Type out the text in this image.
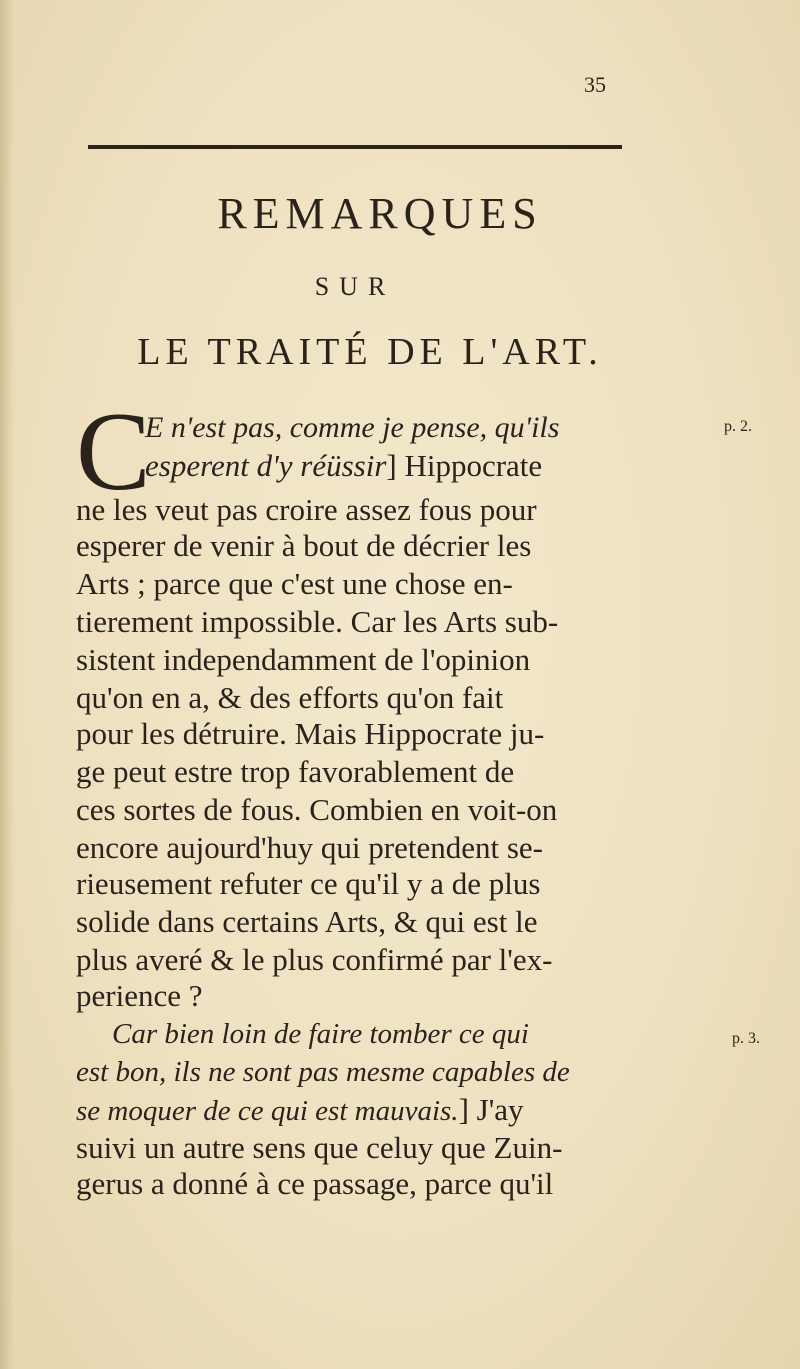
35
REMARQUES
SUR
LE TRAITÉ DE L'ART.
C
E n'est pas, comme je pense, qu'ils
esperent d'y réüssir] Hippocrate
ne les veut pas croire assez fous pour
esperer de venir à bout de décrier les
Arts ; parce que c'est une chose en-
tierement impossible. Car les Arts sub-
sistent independamment de l'opinion
qu'on en a, & des efforts qu'on fait
pour les détruire. Mais Hippocrate ju-
ge peut estre trop favorablement de
ces sortes de fous. Combien en voit-on
encore aujourd'huy qui pretendent se-
rieusement refuter ce qu'il y a de plus
solide dans certains Arts, & qui est le
plus averé & le plus confirmé par l'ex-
perience ?
Car bien loin de faire tomber ce qui
est bon, ils ne sont pas mesme capables de
se moquer de ce qui est mauvais.] J'ay
suivi un autre sens que celuy que Zuin-
gerus a donné à ce passage, parce qu'il
p. 2.
p. 3.
